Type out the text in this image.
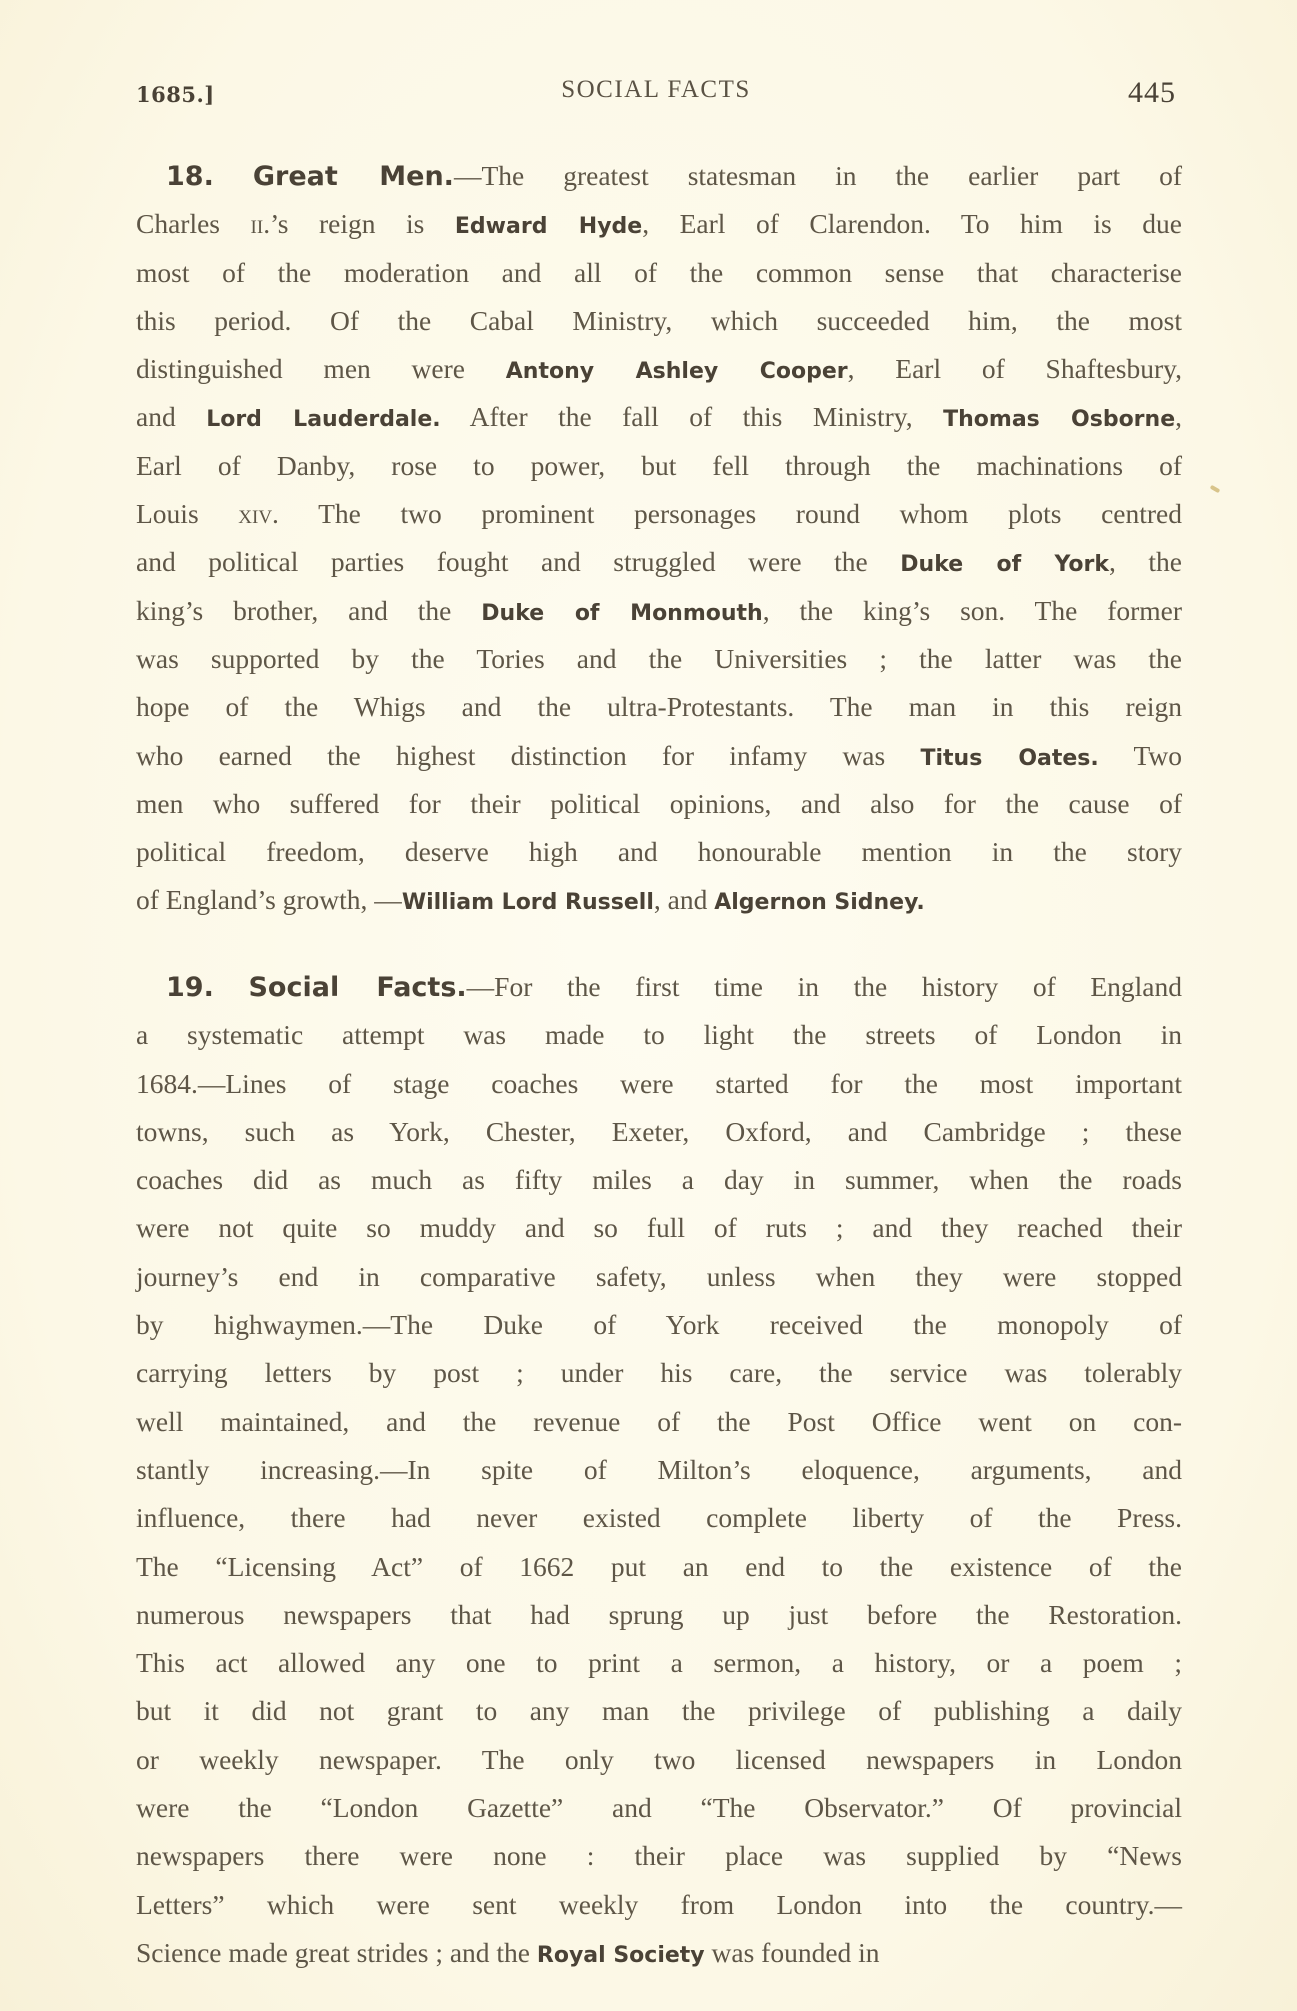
1685.]	SOCIAL FACTS	445
18. Great Men.—The greatest statesman in the earlier part of
Charles ii.’s reign is Edward Hyde, Earl of Clarendon. To him is due
most of the moderation and all of the common sense that characterise
this period. Of the Cabal Ministry, which succeeded him, the most
distinguished men were Antony Ashley Cooper, Earl of Shaftesbury,
and Lord Lauderdale. After the fall of this Ministry, Thomas Osborne,
Earl of Danby, rose to power, but fell through the machinations of
Louis xiv. The two prominent personages round whom plots centred
and political parties fought and struggled were the Duke of York, the
king’s brother, and the Duke of Monmouth, the king’s son. The former
was supported by the Tories and the Universities ; the latter was the
hope of the Whigs and the ultra-Protestants. The man in this reign
who earned the highest distinction for infamy was Titus Oates. Two
men who suffered for their political opinions, and also for the cause of
political freedom, deserve high and honourable mention in the story
of England’s growth, —William Lord Russell, and Algernon Sidney.
19. Social Facts.—For the first time in the history of England
a systematic attempt was made to light the streets of London in
1684.—Lines of stage coaches were started for the most important
towns, such as York, Chester, Exeter, Oxford, and Cambridge ; these
coaches did as much as fifty miles a day in summer, when the roads
were not quite so muddy and so full of ruts ; and they reached their
journey’s end in comparative safety, unless when they were stopped
by highwaymen.—The Duke of York received the monopoly of
carrying letters by post ; under his care, the service was tolerably
well maintained, and the revenue of the Post Office went on con-
stantly increasing.—In spite of Milton’s eloquence, arguments, and
influence, there had never existed complete liberty of the Press.
The “Licensing Act” of 1662 put an end to the existence of the
numerous newspapers that had sprung up just before the Restoration.
This act allowed any one to print a sermon, a history, or a poem ;
but it did not grant to any man the privilege of publishing a daily
or weekly newspaper. The only two licensed newspapers in London
were the “London Gazette” and “The Observator.” Of provincial
newspapers there were none : their place was supplied by “News
Letters” which were sent weekly from London into the country.—
Science made great strides ; and the Royal Society was founded in
